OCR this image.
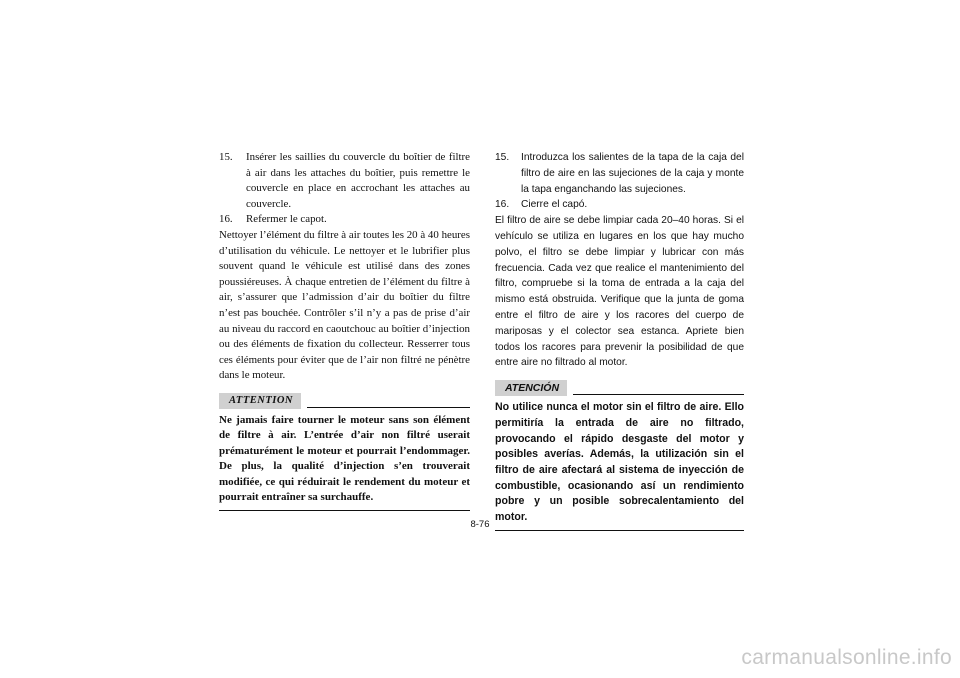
15.	Insérer les saillies du couvercle du boîtier de filtre à air dans les attaches du boîtier, puis remettre le couvercle en place en accrochant les attaches au couvercle.
16.	Refermer le capot.

Nettoyer l’élément du filtre à air toutes les 20 à 40 heures d’utilisation du véhicule. Le nettoyer et le lubrifier plus souvent quand le véhicule est utilisé dans des zones poussiéreuses. À chaque entretien de l’élément du filtre à air, s’assurer que l’admission d’air du boîtier du filtre n’est pas bouchée. Contrôler s’il n’y a pas de prise d’air au niveau du raccord en caoutchouc au boîtier d’injection ou des éléments de fixation du collecteur. Resserrer tous ces éléments pour éviter que de l’air non filtré ne pénètre dans le moteur.

ATTENTION

Ne jamais faire tourner le moteur sans son élément de filtre à air. L’entrée d’air non filtré userait prématurément le moteur et pourrait l’endommager. De plus, la qualité d’injection s’en trouverait modifiée, ce qui réduirait le rendement du moteur et pourrait entraîner sa surchauffe.

15.	Introduzca los salientes de la tapa de la caja del filtro de aire en las sujeciones de la caja y monte la tapa enganchando las sujeciones.
16.	Cierre el capó.

El filtro de aire se debe limpiar cada 20–40 horas. Si el vehículo se utiliza en lugares en los que hay mucho polvo, el filtro se debe limpiar y lubricar con más frecuencia. Cada vez que realice el mantenimiento del filtro, compruebe si la toma de entrada a la caja del mismo está obstruida. Verifique que la junta de goma entre el filtro de aire y los racores del cuerpo de mariposas y el colector sea estanca. Apriete bien todos los racores para prevenir la posibilidad de que entre aire no filtrado al motor.

ATENCIÓN

No utilice nunca el motor sin el filtro de aire. Ello permitiría la entrada de aire no filtrado, provocando el rápido desgaste del motor y posibles averías. Además, la utilización sin el filtro de aire afectará al sistema de inyección de combustible, ocasionando así un rendimiento pobre y un posible sobrecalentamiento del motor.

8-76
carmanualsonline.info
